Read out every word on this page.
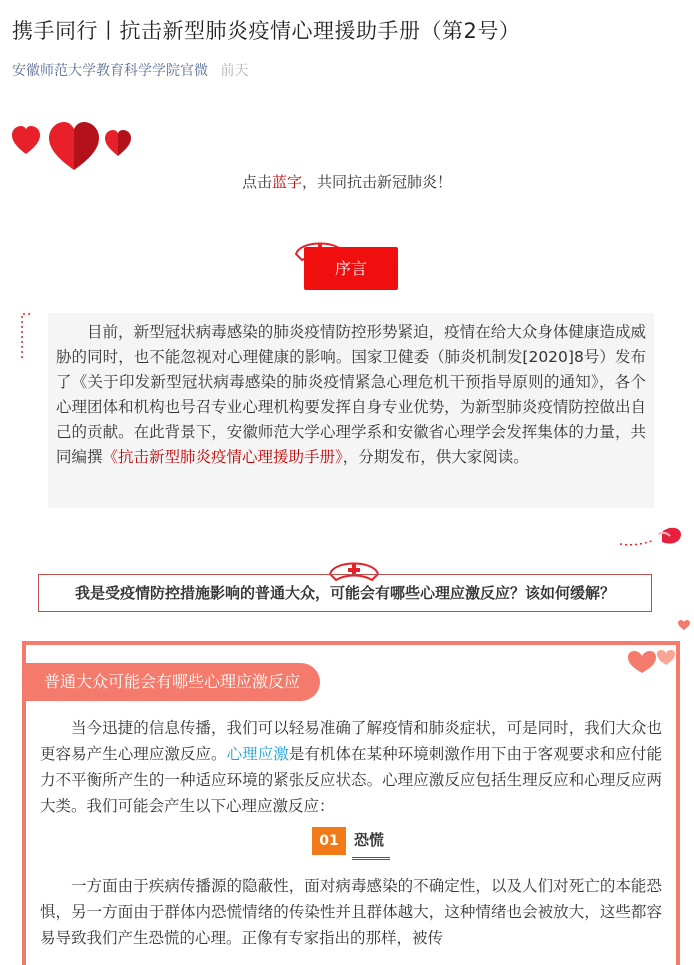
携手同行丨抗击新型肺炎疫情心理援助手册（第2号）
安徽师范大学教育科学学院官微 前天
点击蓝字，共同抗击新冠肺炎！
序言

目前，新型冠状病毒感染的肺炎疫情防控形势紧迫，疫情在给大众身体健康造成威胁的同时，也不能忽视对心理健康的影响。国家卫健委（肺炎机制发[2020]8号）发布了《关于印发新型冠状病毒感染的肺炎疫情紧急心理危机干预指导原则的通知》，各个心理团体和机构也号召专业心理机构要发挥自身专业优势，为新型肺炎疫情防控做出自己的贡献。在此背景下，安徽师范大学心理学系和安徽省心理学会发挥集体的力量，共同编撰《抗击新型肺炎疫情心理援助手册》，分期发布，供大家阅读。

我是受疫情防控措施影响的普通大众，可能会有哪些心理应激反应？该如何缓解？
普通大众可能会有哪些心理应激反应

当今迅捷的信息传播，我们可以轻易准确了解疫情和肺炎症状，可是同时，我们大众也更容易产生心理应激反应。心理应激是有机体在某种环境刺激作用下由于客观要求和应付能力不平衡所产生的一种适应环境的紧张反应状态。心理应激反应包括生理反应和心理反应两大类。我们可能会产生以下心理应激反应：

01	恐慌

一方面由于疾病传播源的隐蔽性，面对病毒感染的不确定性，以及人们对死亡的本能恐惧，另一方面由于群体内恐慌情绪的传染性并且群体越大，这种情绪也会被放大，这些都容易导致我们产生恐慌的心理。正像有专家指出的那样，被传
